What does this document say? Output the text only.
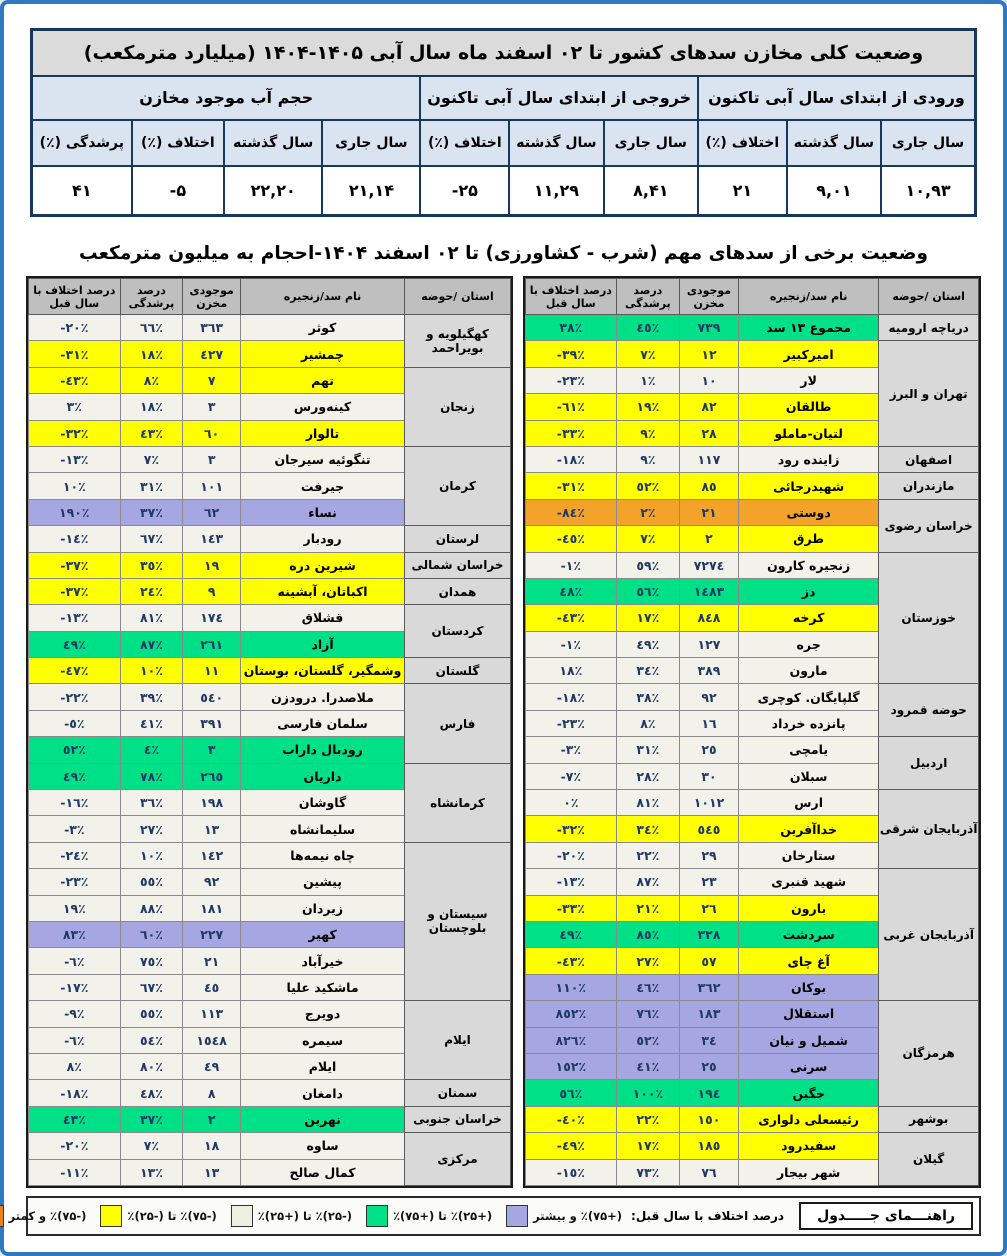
وضعیت کلی مخازن سدهای کشور تا ۰۲ اسفند ماه سال آبی ۱۴۰۵-۱۴۰۴ (میلیارد مترمکعب)									
ورودی از ابتدای سال آبی تاکنون			خروجی از ابتدای سال آبی تاکنون			حجم آب موجود مخازن			
سال جاری	سال گذشته	اختلاف (٪)	سال جاری	سال گذشته	اختلاف (٪)	سال جاری	سال گذشته	اختلاف (٪)	پرشدگی (٪)
۱۰,۹۳	۹,۰۱	۲۱	۸,۴۱	۱۱,۲۹	-۲۵	۲۱,۱۴	۲۲,۲۰	-۵	۴۱
وضعیت برخی از سدهای مهم (شرب - کشاورزی) تا ۰۲ اسفند ۱۴۰۴-احجام به میلیون مترمکعب
استان /حوضه	نام سد/زنجیره	موجودی مخزن	درصد پرشدگی	درصد اختلاف با سال قبل
دریاچه ارومیه	مجموع ۱۳ سد	۷۳۹	٤٥٪	۳۸٪
تهران و البرز	امیرکبیر	۱۲	۷٪	-۳۹٪
	لار	۱۰	۱٪	-۲۳٪
	طالقان	۸۲	۱۹٪	-٦۱٪
	لتیان-ماملو	۲۸	۹٪	-۳۳٪
اصفهان	زاینده رود	۱۱۷	۹٪	-۱۸٪
مازندران	شهیدرجائی	۸٥	٥۲٪	-۳۱٪
خراسان رضوی	دوستی	۲۱	۲٪	-۸٤٪
	طرق	۲	۷٪	-٤٥٪
خوزستان	زنجیره کارون	۷۲۷٤	٥۹٪	-۱٪
	دز	۱٤۸۳	٥٦٪	٤۸٪
	کرخه	۸٤۸	۱۷٪	-٤۳٪
	جره	۱۲۷	٤۹٪	-۱٪
	مارون	۳۸۹	۳٤٪	۱۸٪
حوضه قمرود	گلپایگان. کوچری	۹۲	۳۸٪	-۱۸٪
	پانزده خرداد	۱٦	۸٪	-۲۳٪
اردبیل	یامچی	۲٥	۳۱٪	-۳٪
	سبلان	۳۰	۲۸٪	-۷٪
آذربایجان شرقی	ارس	۱۰۱۲	۸۱٪	۰٪
	خداآفرین	٥٤٥	۳٤٪	-۳۲٪
	ستارخان	۲۹	۲۲٪	-۲۰٪
آذربایجان غربی	شهید قنبری	۲۳	۸۷٪	-۱۳٪
	بارون	۲٦	۲۱٪	-۳۳٪
	سردشت	۳۲۸	۸٥٪	٤۹٪
	آغ چای	٥۷	۲۷٪	-٤۳٪
	بوکان	۳٦۲	٤٦٪	۱۱۰٪
هرمزگان	استقلال	۱۸۳	۷٦٪	۸٥۲٪
	شمیل و نیان	۳٤	٥۲٪	۸۲٦٪
	سرنی	۲٥	٤۱٪	۱٥۲٪
	جگین	۱۹٤	۱۰۰٪	٥٦٪
بوشهر	رئیسعلی دلواری	۱٥۰	۲۲٪	-٤۰٪
گیلان	سفیدرود	۱۸٥	۱۷٪	-٤۹٪
	شهر بیجار	۷٦	۷۳٪	-۱٥٪
استان /حوضه	نام سد/زنجیره	موجودی مخزن	درصد پرشدگی	درصد اختلاف با سال قبل
کهگیلویه و بویراحمد	کوثر	۳٦۳	٦٦٪	-۲۰٪
	چمشیر	٤۲۷	۱۸٪	-۳۱٪
زنجان	تهم	۷	۸٪	-٤۳٪
	کینه‌ورس	۳	۱۸٪	۳٪
	تالوار	٦۰	٤۳٪	-۳۲٪
کرمان	تنگوئیه سیرجان	۳	۷٪	-۱۳٪
	جیرفت	۱۰۱	۳۱٪	۱۰٪
	نساء	٦۲	۳۷٪	۱۹۰٪
لرستان	رودبار	۱٤۳	٦۷٪	-۱٤٪
خراسان شمالی	شیرین دره	۱۹	۳٥٪	-۳۷٪
همدان	اکباتان، آبشینه	۹	۲٤٪	-۳۷٪
کردستان	قشلاق	۱۷٤	۸۱٪	-۱۳٪
	آزاد	۲٦۱	۸۷٪	٤۹٪
گلستان	وشمگیر، گلستان، بوستان	۱۱	۱۰٪	-٤۷٪
فارس	ملاصدرا. درودزن	٥٤۰	۳۹٪	-۲۲٪
	سلمان فارسی	۳۹۱	٤۱٪	-٥٪
	رودبال داراب	۳	٤٪	٥۲٪
کرمانشاه	داریان	۲٦٥	۷۸٪	٤۹٪
	گاوشان	۱۹۸	۳٦٪	-۱٦٪
	سلیمانشاه	۱۳	۲۷٪	-۳٪
سیستان و بلوچستان	چاه نیمه‌ها	۱٤۲	۱۰٪	-۲٤٪
	پیشین	۹۲	٥٥٪	-۲۳٪
	زیردان	۱۸۱	۸۸٪	۱۹٪
	کهیر	۲۲۷	٦۰٪	۸۳٪
	خیرآباد	۲۱	۷٥٪	-٦٪
	ماشکید علیا	٤٥	٦۷٪	-۱۷٪
ایلام	دویرج	۱۱۳	٥٥٪	-۹٪
	سیمره	۱٥٤۸	٥٤٪	-٦٪
	ایلام	٤۹	۸۰٪	۸٪
سمنان	دامغان	۸	٤۸٪	-۱۸٪
خراسان جنوبی	نهرین	۲	۳۷٪	٤۳٪
مرکزی	ساوه	۱۸	۷٪	-۲۰٪
	کمال صالح	۱۳	۱۳٪	-۱۱٪
راهنـــمای جـــــدول
درصد اختلاف با سال قبل:
(+۷۵)٪ و بیشتر
(+۲۵)٪ تا (+۷۵)٪
(-۲۵)٪ تا (+۲۵)٪
(-۷۵)٪ تا (-۲۵)٪
(-۷۵)٪ و کمتر
